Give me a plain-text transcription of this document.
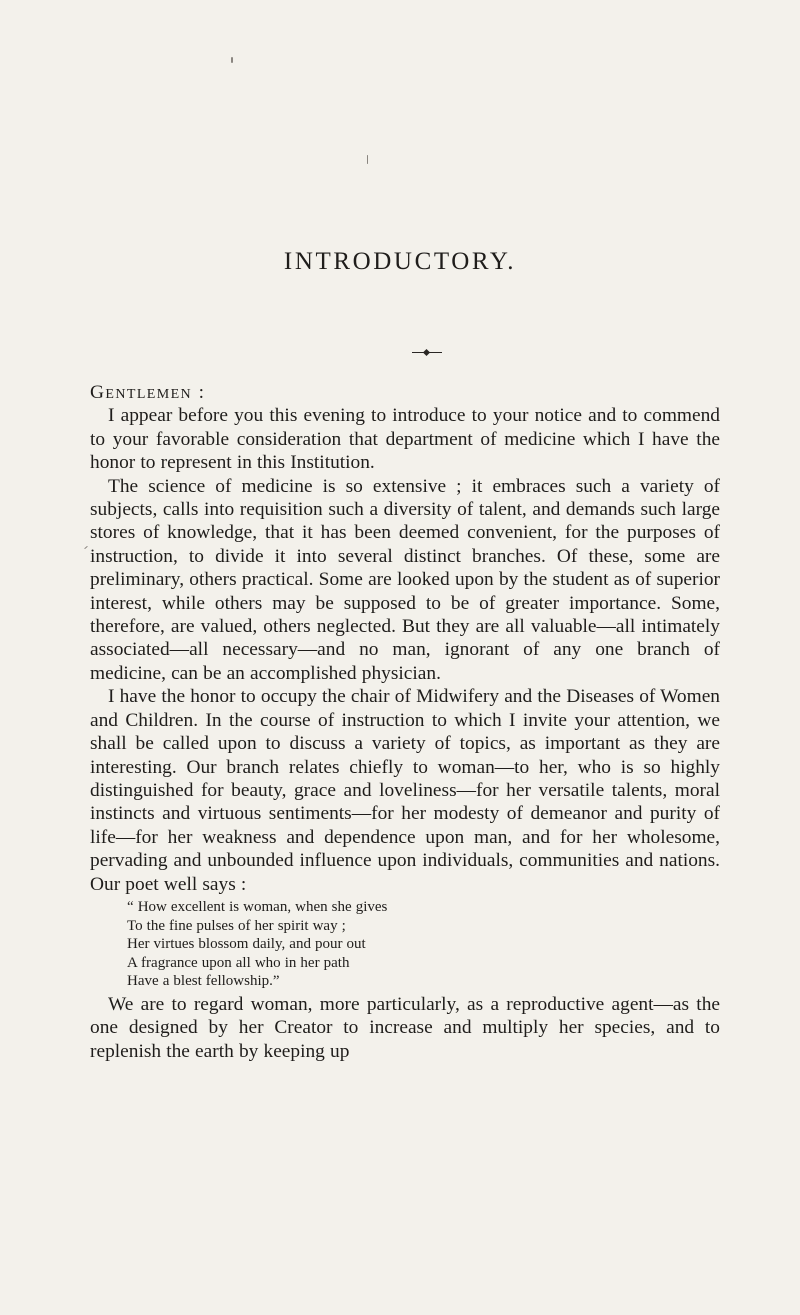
INTRODUCTORY.

Gentlemen :

I appear before you this evening to introduce to your notice and to commend to your favorable consideration that department of medicine which I have the honor to represent in this Institution.

The science of medicine is so extensive ; it embraces such a variety of subjects, calls into requisition such a diversity of talent, and demands such large stores of knowledge, that it has been deemed convenient, for the purposes of instruction, to divide it into several distinct branches. Of these, some are preliminary, others practical. Some are looked upon by the student as of superior interest, while others may be supposed to be of greater importance. Some, therefore, are valued, others neglected. But they are all valuable—all intimately associated—all necessary—and no man, ignorant of any one branch of medicine, can be an accomplished physician.

I have the honor to occupy the chair of Midwifery and the Diseases of Women and Children. In the course of instruction to which I invite your attention, we shall be called upon to discuss a variety of topics, as important as they are interesting. Our branch relates chiefly to woman—to her, who is so highly distinguished for beauty, grace and loveliness—for her versatile talents, moral instincts and virtuous sentiments—for her modesty of demeanor and purity of life—for her weakness and dependence upon man, and for her wholesome, pervading and unbounded influence upon individuals, communities and nations. Our poet well says :

“ How excellent is woman, when she gives
To the fine pulses of her spirit way ;
Her virtues blossom daily, and pour out
A fragrance upon all who in her path
Have a blest fellowship.”

We are to regard woman, more particularly, as a reproductive agent—as the one designed by her Creator to increase and multiply her species, and to replenish the earth by keeping up
